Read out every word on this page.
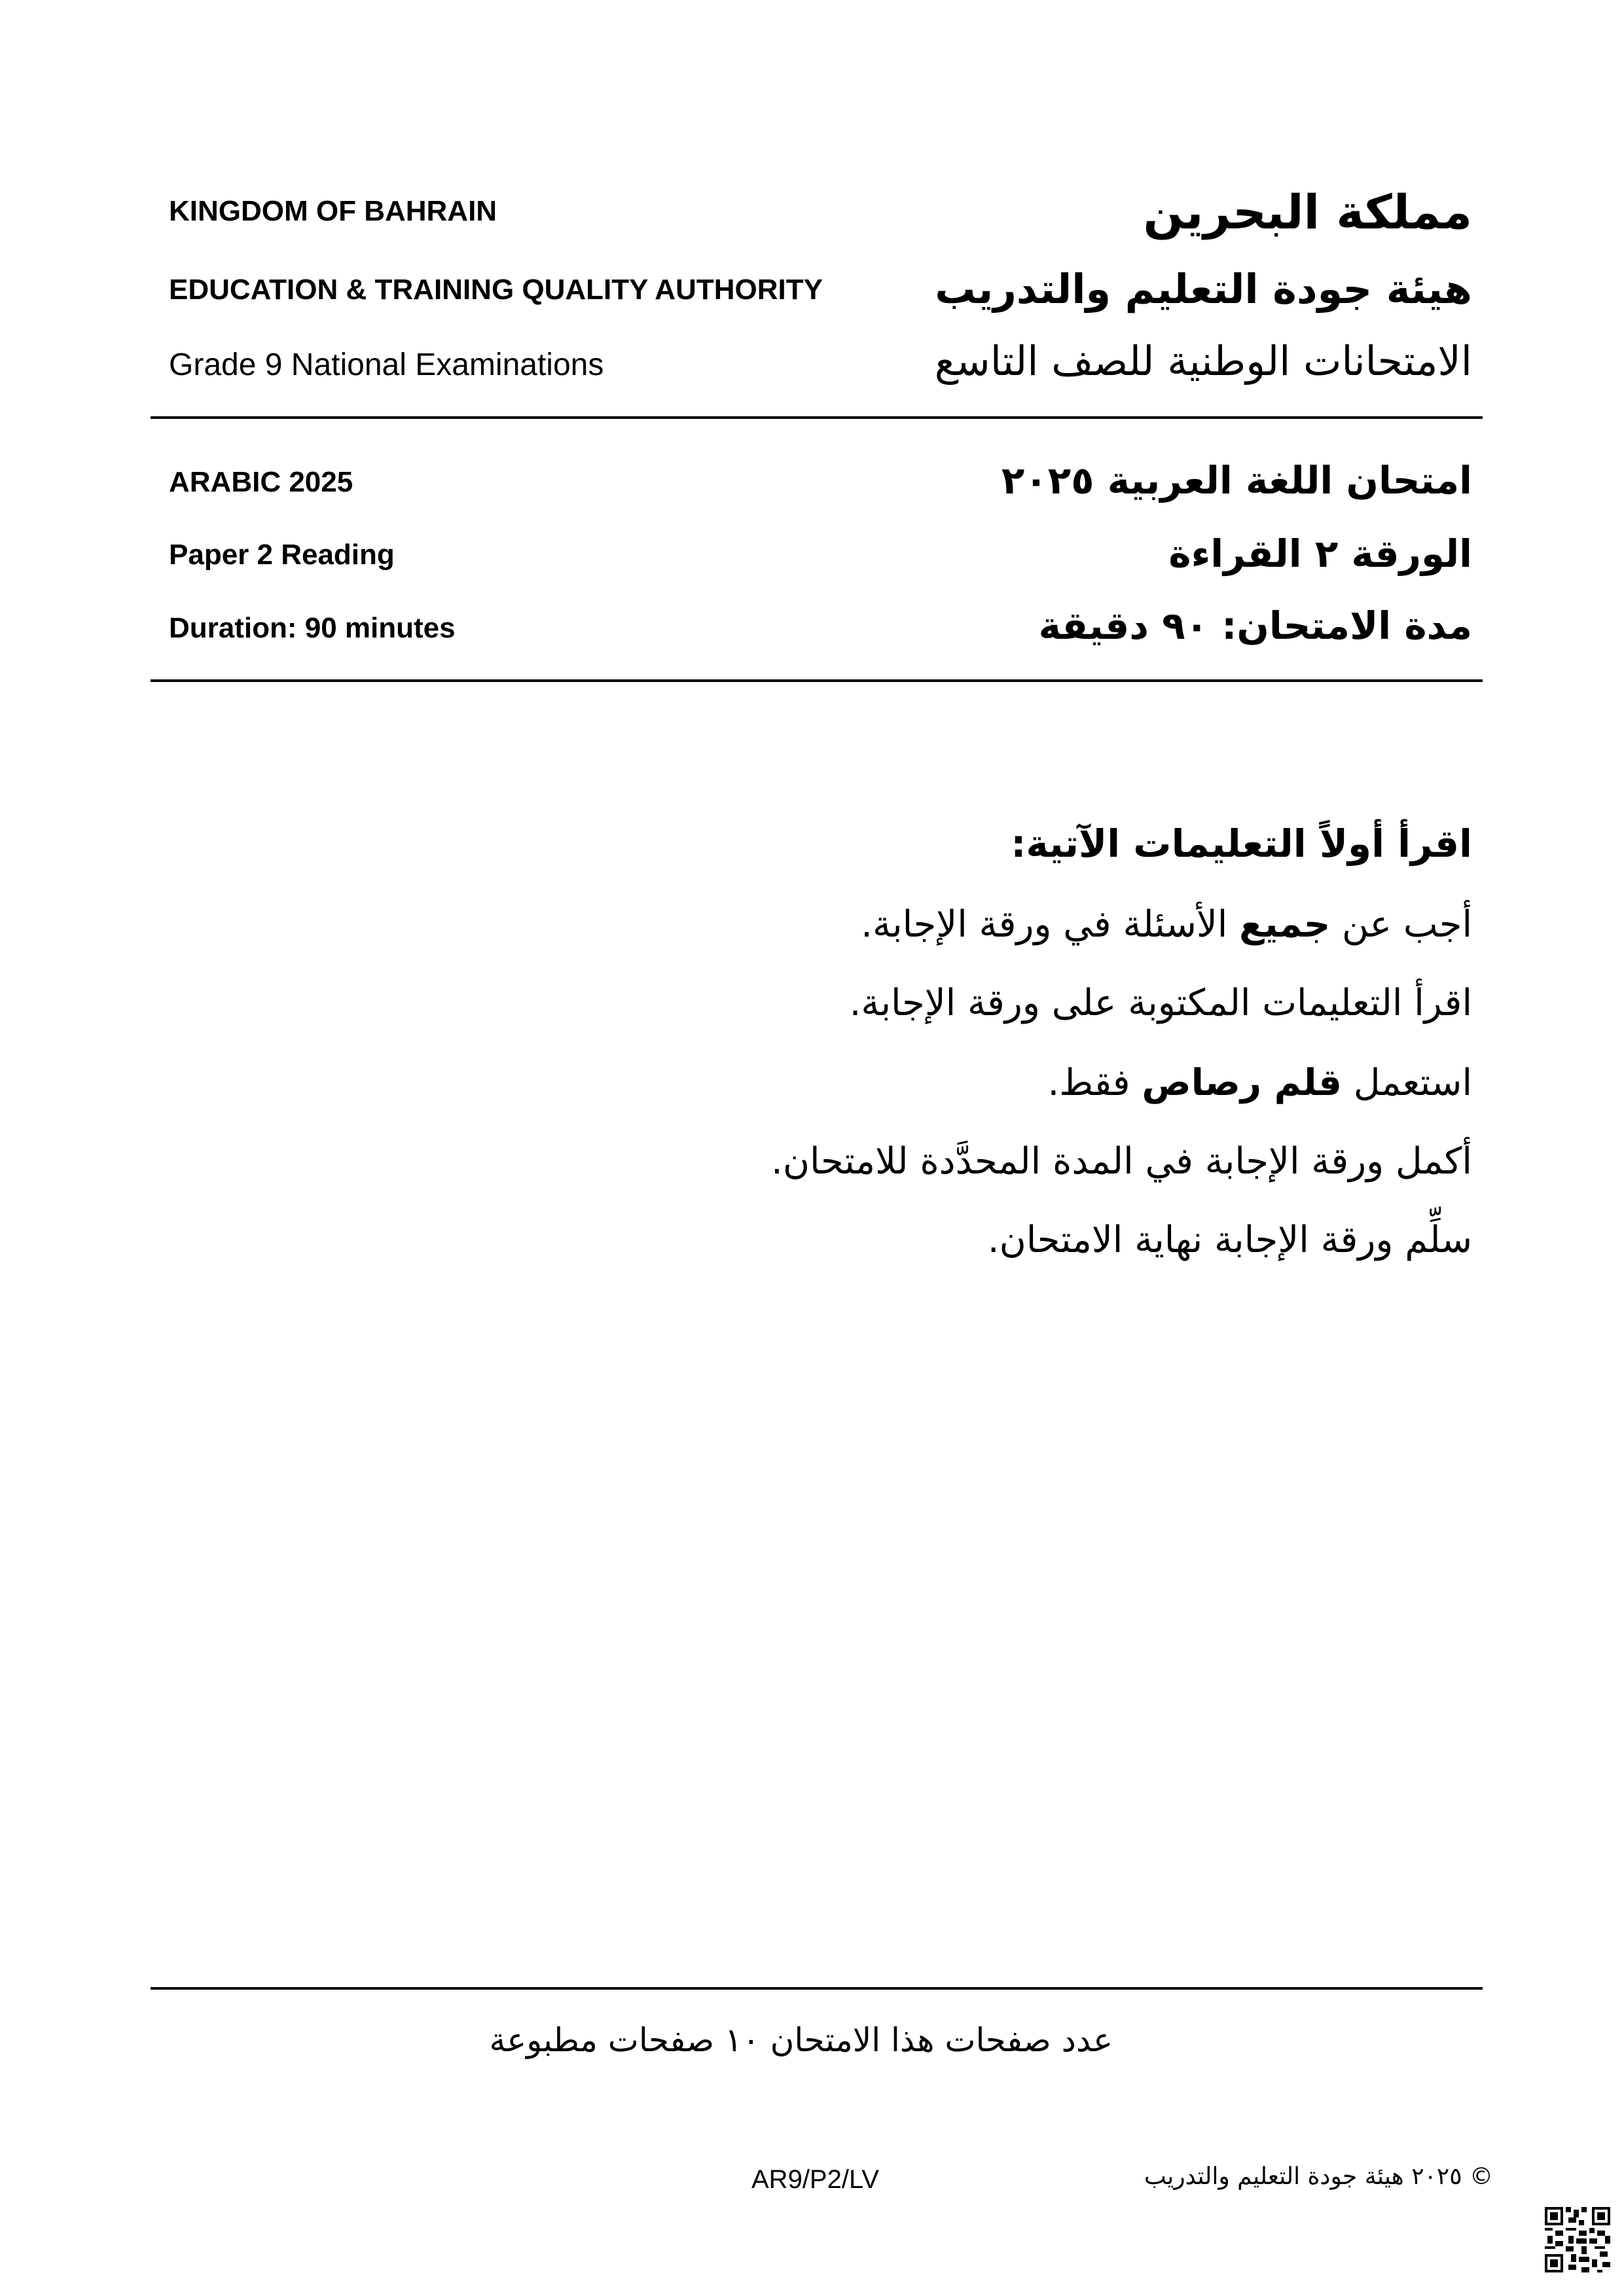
KINGDOM OF BAHRAIN
EDUCATION & TRAINING QUALITY AUTHORITY
Grade 9 National Examinations
مملكة البحرين
هيئة جودة التعليم والتدريب
الامتحانات الوطنية للصف التاسع
ARABIC 2025
Paper 2 Reading
Duration: 90 minutes
امتحان اللغة العربية ٢٠٢٥
الورقة ٢ القراءة
مدة الامتحان: ٩٠ دقيقة
اقرأ أولاً التعليمات الآتية:
أجب عن جميع الأسئلة في ورقة الإجابة.
اقرأ التعليمات المكتوبة على ورقة الإجابة.
استعمل قلم رصاص فقط.
أكمل ورقة الإجابة في المدة المحدَّدة للامتحان.
سلِّم ورقة الإجابة نهاية الامتحان.
عدد صفحات هذا الامتحان ١٠ صفحات مطبوعة
AR9/P2/LV	© ٢٠٢٥ هيئة جودة التعليم والتدريب
